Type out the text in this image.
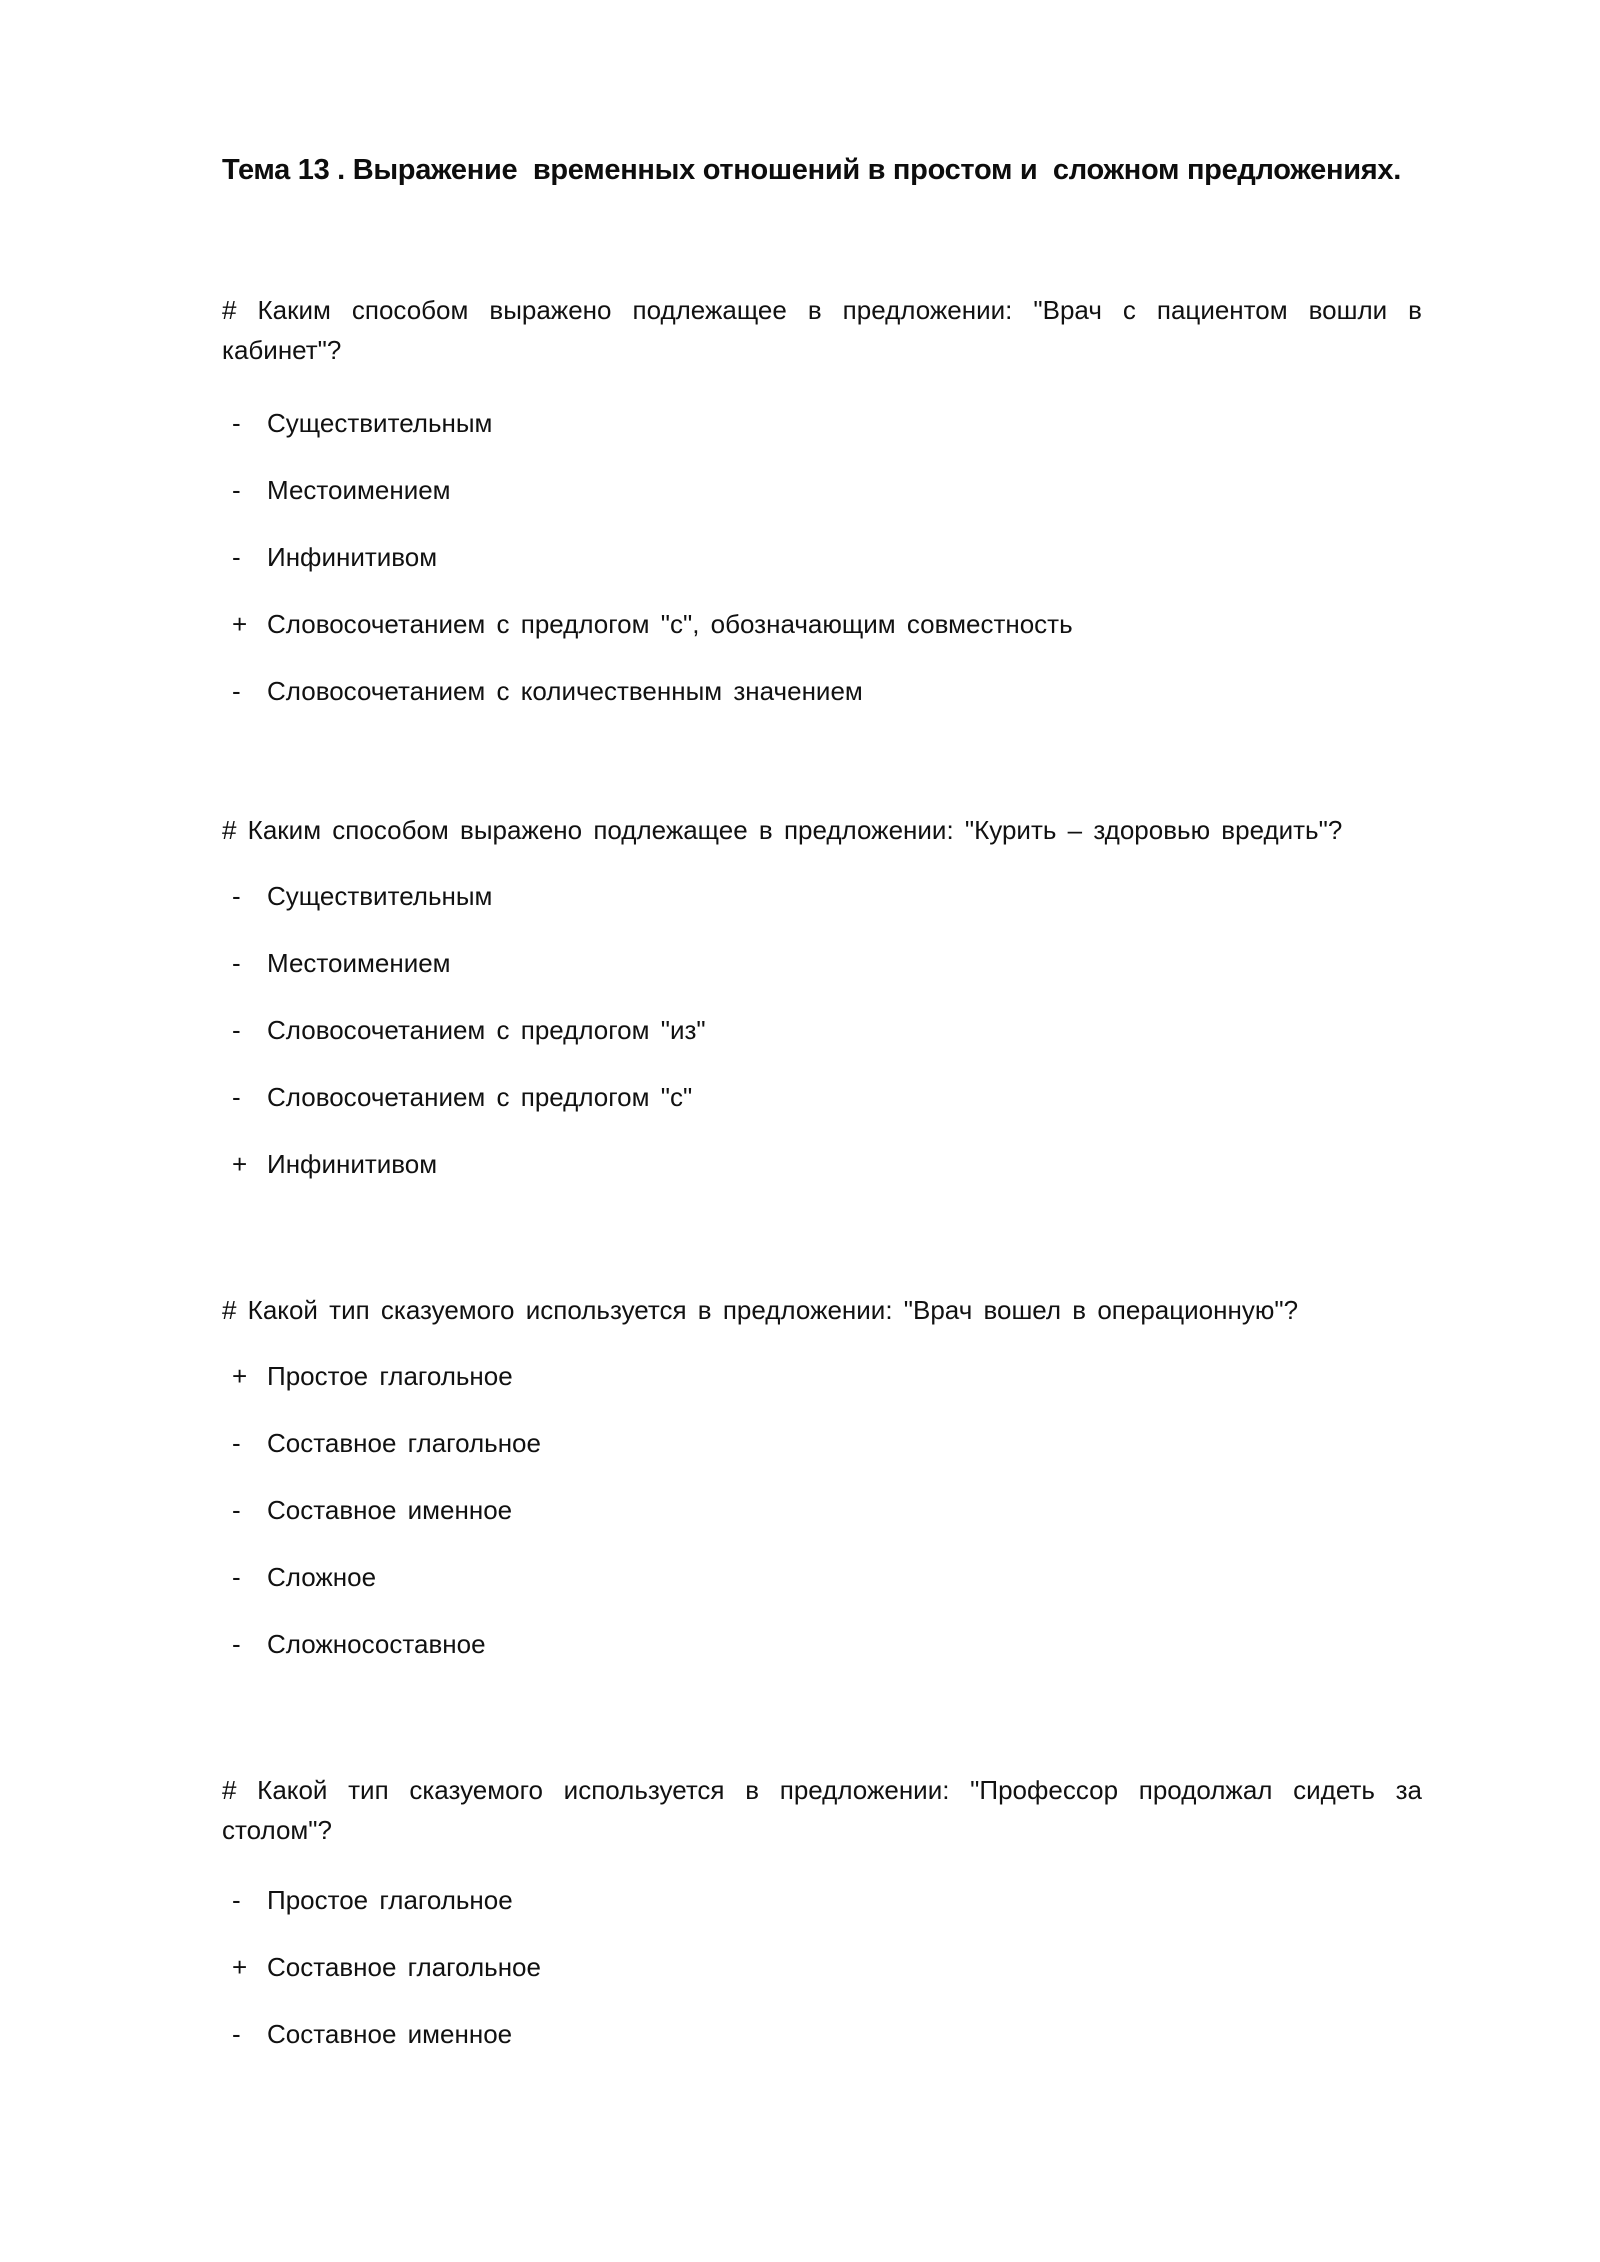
Тема 13 . Выражение  временных отношений в простом и  сложном предложениях.

# Каким способом выражено подлежащее в предложении: "Врач с пациентом вошли в кабинет"?

-	Существительным
-	Местоимением
-	Инфинитивом
+ Словосочетанием с предлогом "с", обозначающим совместность
-	Словосочетанием с количественным значением

# Каким способом выражено подлежащее в предложении: "Курить – здоровью вредить"?

-	Существительным
-	Местоимением
-	Словосочетанием с предлогом "из"
-	Словосочетанием с предлогом "с"
+ Инфинитивом

# Какой тип сказуемого используется в предложении: "Врач вошел в операционную"?

+ Простое глагольное
-	Составное глагольное
-	Составное именное
-	Сложное
-	Сложносоставное

# Какой тип сказуемого используется в предложении: "Профессор продолжал сидеть за столом"?

-	Простое глагольное
+ Составное глагольное
-	Составное именное
